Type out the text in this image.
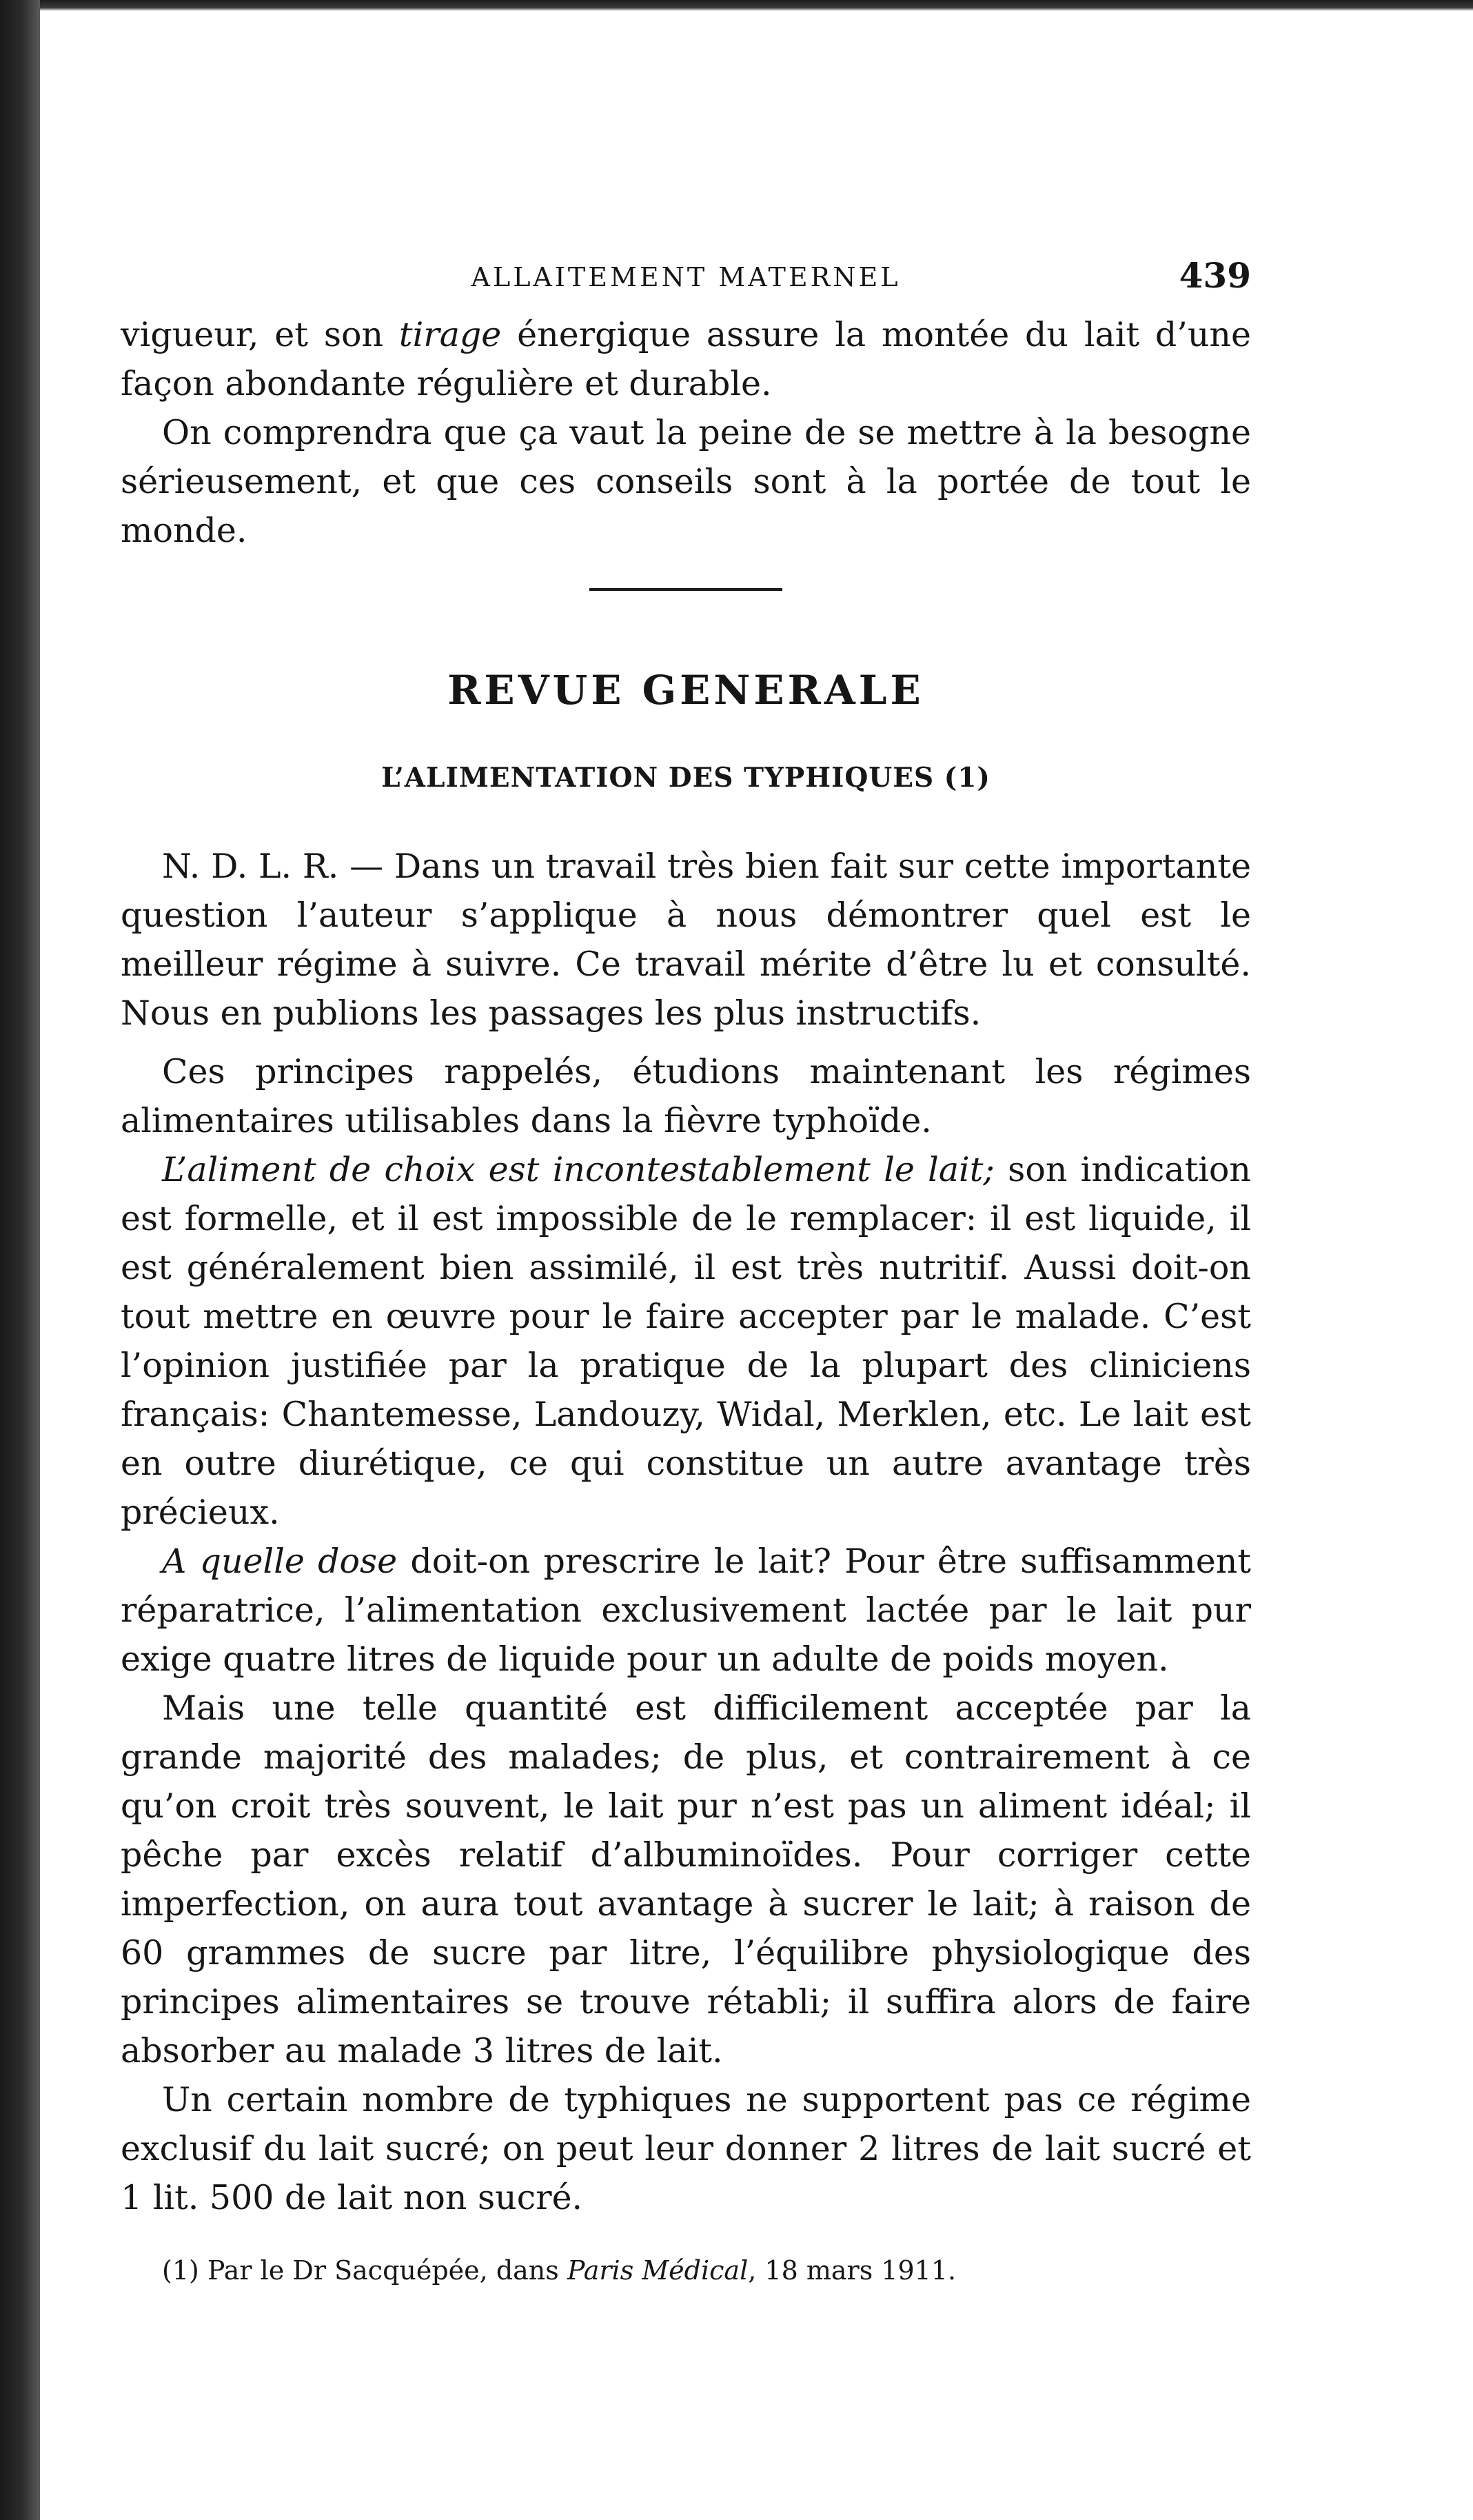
ALLAITEMENT MATERNEL	439

vigueur, et son tirage énergique assure la montée du lait d’une façon abondante régulière et durable.

On comprendra que ça vaut la peine de se mettre à la besogne sérieusement, et que ces conseils sont à la portée de tout le monde.

REVUE GENERALE
L’ALIMENTATION DES TYPHIQUES (1)

N. D. L. R. — Dans un travail très bien fait sur cette importante question l’auteur s’applique à nous démontrer quel est le meilleur régime à suivre. Ce travail mérite d’être lu et consulté. Nous en publions les passages les plus instructifs.

Ces principes rappelés, étudions maintenant les régimes alimentaires utilisables dans la fièvre typhoïde.

L’aliment de choix est incontestablement le lait; son indication est formelle, et il est impossible de le remplacer: il est liquide, il est généralement bien assimilé, il est très nutritif. Aussi doit-on tout mettre en œuvre pour le faire accepter par le malade. C’est l’opinion justifiée par la pratique de la plupart des cliniciens français: Chantemesse, Landouzy, Widal, Merklen, etc. Le lait est en outre diurétique, ce qui constitue un autre avantage très précieux.

A quelle dose doit-on prescrire le lait? Pour être suffisamment réparatrice, l’alimentation exclusivement lactée par le lait pur exige quatre litres de liquide pour un adulte de poids moyen.

Mais une telle quantité est difficilement acceptée par la grande majorité des malades; de plus, et contrairement à ce qu’on croit très souvent, le lait pur n’est pas un aliment idéal; il pêche par excès relatif d’albuminoïdes. Pour corriger cette imperfection, on aura tout avantage à sucrer le lait; à raison de 60 grammes de sucre par litre, l’équilibre physiologique des principes alimentaires se trouve rétabli; il suffira alors de faire absorber au malade 3 litres de lait.

Un certain nombre de typhiques ne supportent pas ce régime exclusif du lait sucré; on peut leur donner 2 litres de lait sucré et 1 lit. 500 de lait non sucré.

(1) Par le Dr Sacquépée, dans Paris Médical, 18 mars 1911.
